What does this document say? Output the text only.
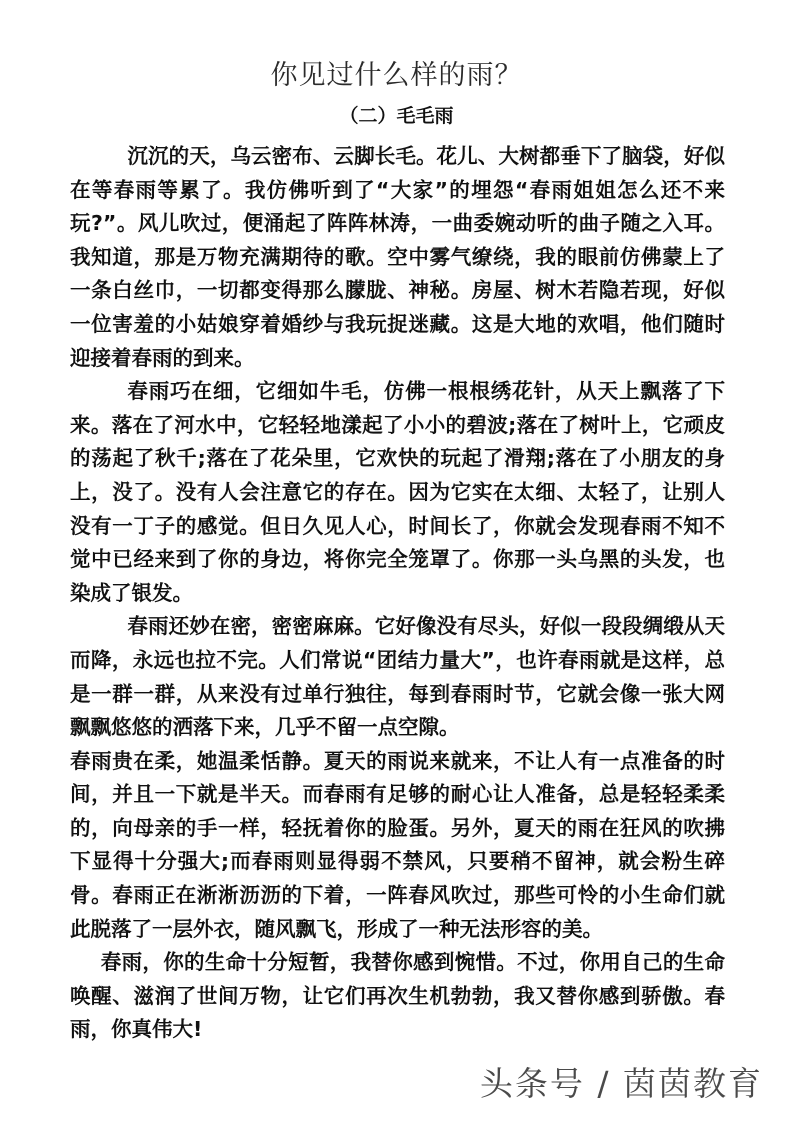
你见过什么样的雨？
（二）毛毛雨

沉沉的天，乌云密布、云脚长毛。花儿、大树都垂下了脑袋，好似在等春雨等累了。我仿佛听到了“大家”的埋怨“春雨姐姐怎么还不来玩?”。风儿吹过，便涌起了阵阵林涛，一曲委婉动听的曲子随之入耳。我知道，那是万物充满期待的歌。空中雾气缭绕，我的眼前仿佛蒙上了一条白丝巾，一切都变得那么朦胧、神秘。房屋、树木若隐若现，好似一位害羞的小姑娘穿着婚纱与我玩捉迷藏。这是大地的欢唱，他们随时迎接着春雨的到来。

春雨巧在细，它细如牛毛，仿佛一根根绣花针，从天上飘落了下来。落在了河水中，它轻轻地漾起了小小的碧波;落在了树叶上，它顽皮的荡起了秋千;落在了花朵里，它欢快的玩起了滑翔;落在了小朋友的身上，没了。没有人会注意它的存在。因为它实在太细、太轻了，让别人没有一丁子的感觉。但日久见人心，时间长了，你就会发现春雨不知不觉中已经来到了你的身边，将你完全笼罩了。你那一头乌黑的头发，也染成了银发。

春雨还妙在密，密密麻麻。它好像没有尽头，好似一段段绸缎从天而降，永远也拉不完。人们常说“团结力量大”，也许春雨就是这样，总是一群一群，从来没有过单行独往，每到春雨时节，它就会像一张大网飘飘悠悠的洒落下来，几乎不留一点空隙。

春雨贵在柔，她温柔恬静。夏天的雨说来就来，不让人有一点准备的时间，并且一下就是半天。而春雨有足够的耐心让人准备，总是轻轻柔柔的，向母亲的手一样，轻抚着你的脸蛋。另外，夏天的雨在狂风的吹拂下显得十分强大;而春雨则显得弱不禁风，只要稍不留神，就会粉生碎骨。春雨正在淅淅沥沥的下着，一阵春风吹过，那些可怜的小生命们就此脱落了一层外衣，随风飘飞，形成了一种无法形容的美。

春雨，你的生命十分短暂，我替你感到惋惜。不过，你用自己的生命唤醒、滋润了世间万物，让它们再次生机勃勃，我又替你感到骄傲。春雨，你真伟大!

头条号 / 茵茵教育
